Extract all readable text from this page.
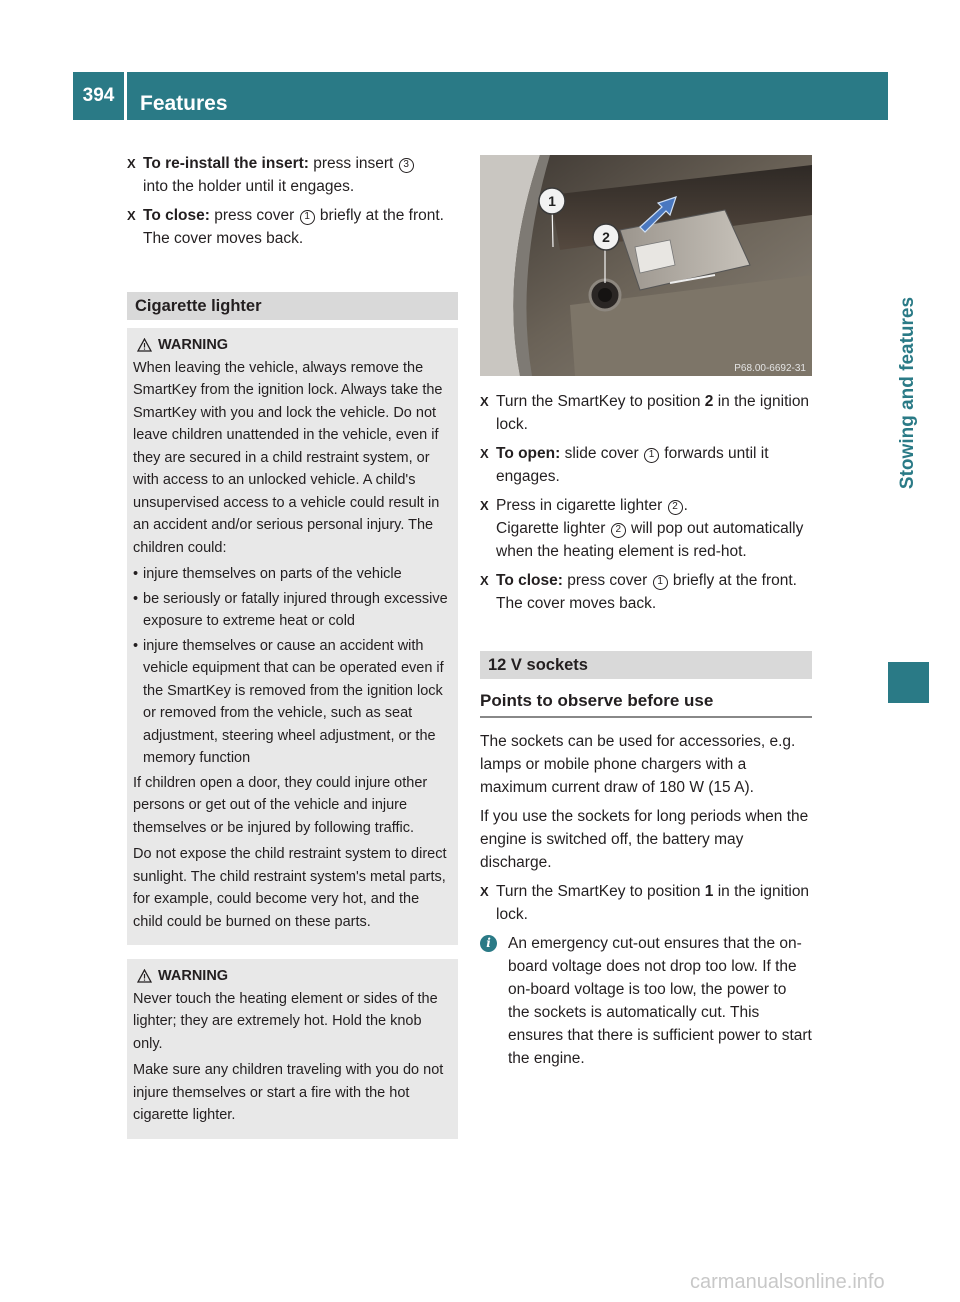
394	Features
Stowing and features
X To re-install the insert: press insert 3
into the holder until it engages.
X To close: press cover 1 briefly at the front.
The cover moves back.
Cigarette lighter
WARNING

When leaving the vehicle, always remove the SmartKey from the ignition lock. Always take the SmartKey with you and lock the vehicle. Do not leave children unattended in the vehicle, even if they are secured in a child restraint system, or with access to an unlocked vehicle. A child's unsupervised access to a vehicle could result in an accident and/or serious personal injury. The children could:

• injure themselves on parts of the vehicle
• be seriously or fatally injured through excessive exposure to extreme heat or cold
• injure themselves or cause an accident with vehicle equipment that can be operated even if the SmartKey is removed from the ignition lock or removed from the vehicle, such as seat adjustment, steering wheel adjustment, or the memory function

If children open a door, they could injure other persons or get out of the vehicle and injure themselves or be injured by following traffic.

Do not expose the child restraint system to direct sunlight. The child restraint system's metal parts, for example, could become very hot, and the child could be burned on these parts.

WARNING

Never touch the heating element or sides of the lighter; they are extremely hot. Hold the knob only.

Make sure any children traveling with you do not injure themselves or start a fire with the hot cigarette lighter.

1
2
P68.00-6692-31
X Turn the SmartKey to position 2 in the ignition lock.
X To open: slide cover 1 forwards until it engages.
X Press in cigarette lighter 2 .
Cigarette lighter 2 will pop out automatically when the heating element is red-hot.
X To close: press cover 1 briefly at the front.
The cover moves back.
12 V sockets
Points to observe before use

The sockets can be used for accessories, e.g. lamps or mobile phone chargers with a maximum current draw of 180 W (15 A).

If you use the sockets for long periods when the engine is switched off, the battery may discharge.

X Turn the SmartKey to position 1 in the ignition lock.
i	An emergency cut-out ensures that the on-board voltage does not drop too low. If the on-board voltage is too low, the power to the sockets is automatically cut. This ensures that there is sufficient power to start the engine.
carmanualsonline.info
